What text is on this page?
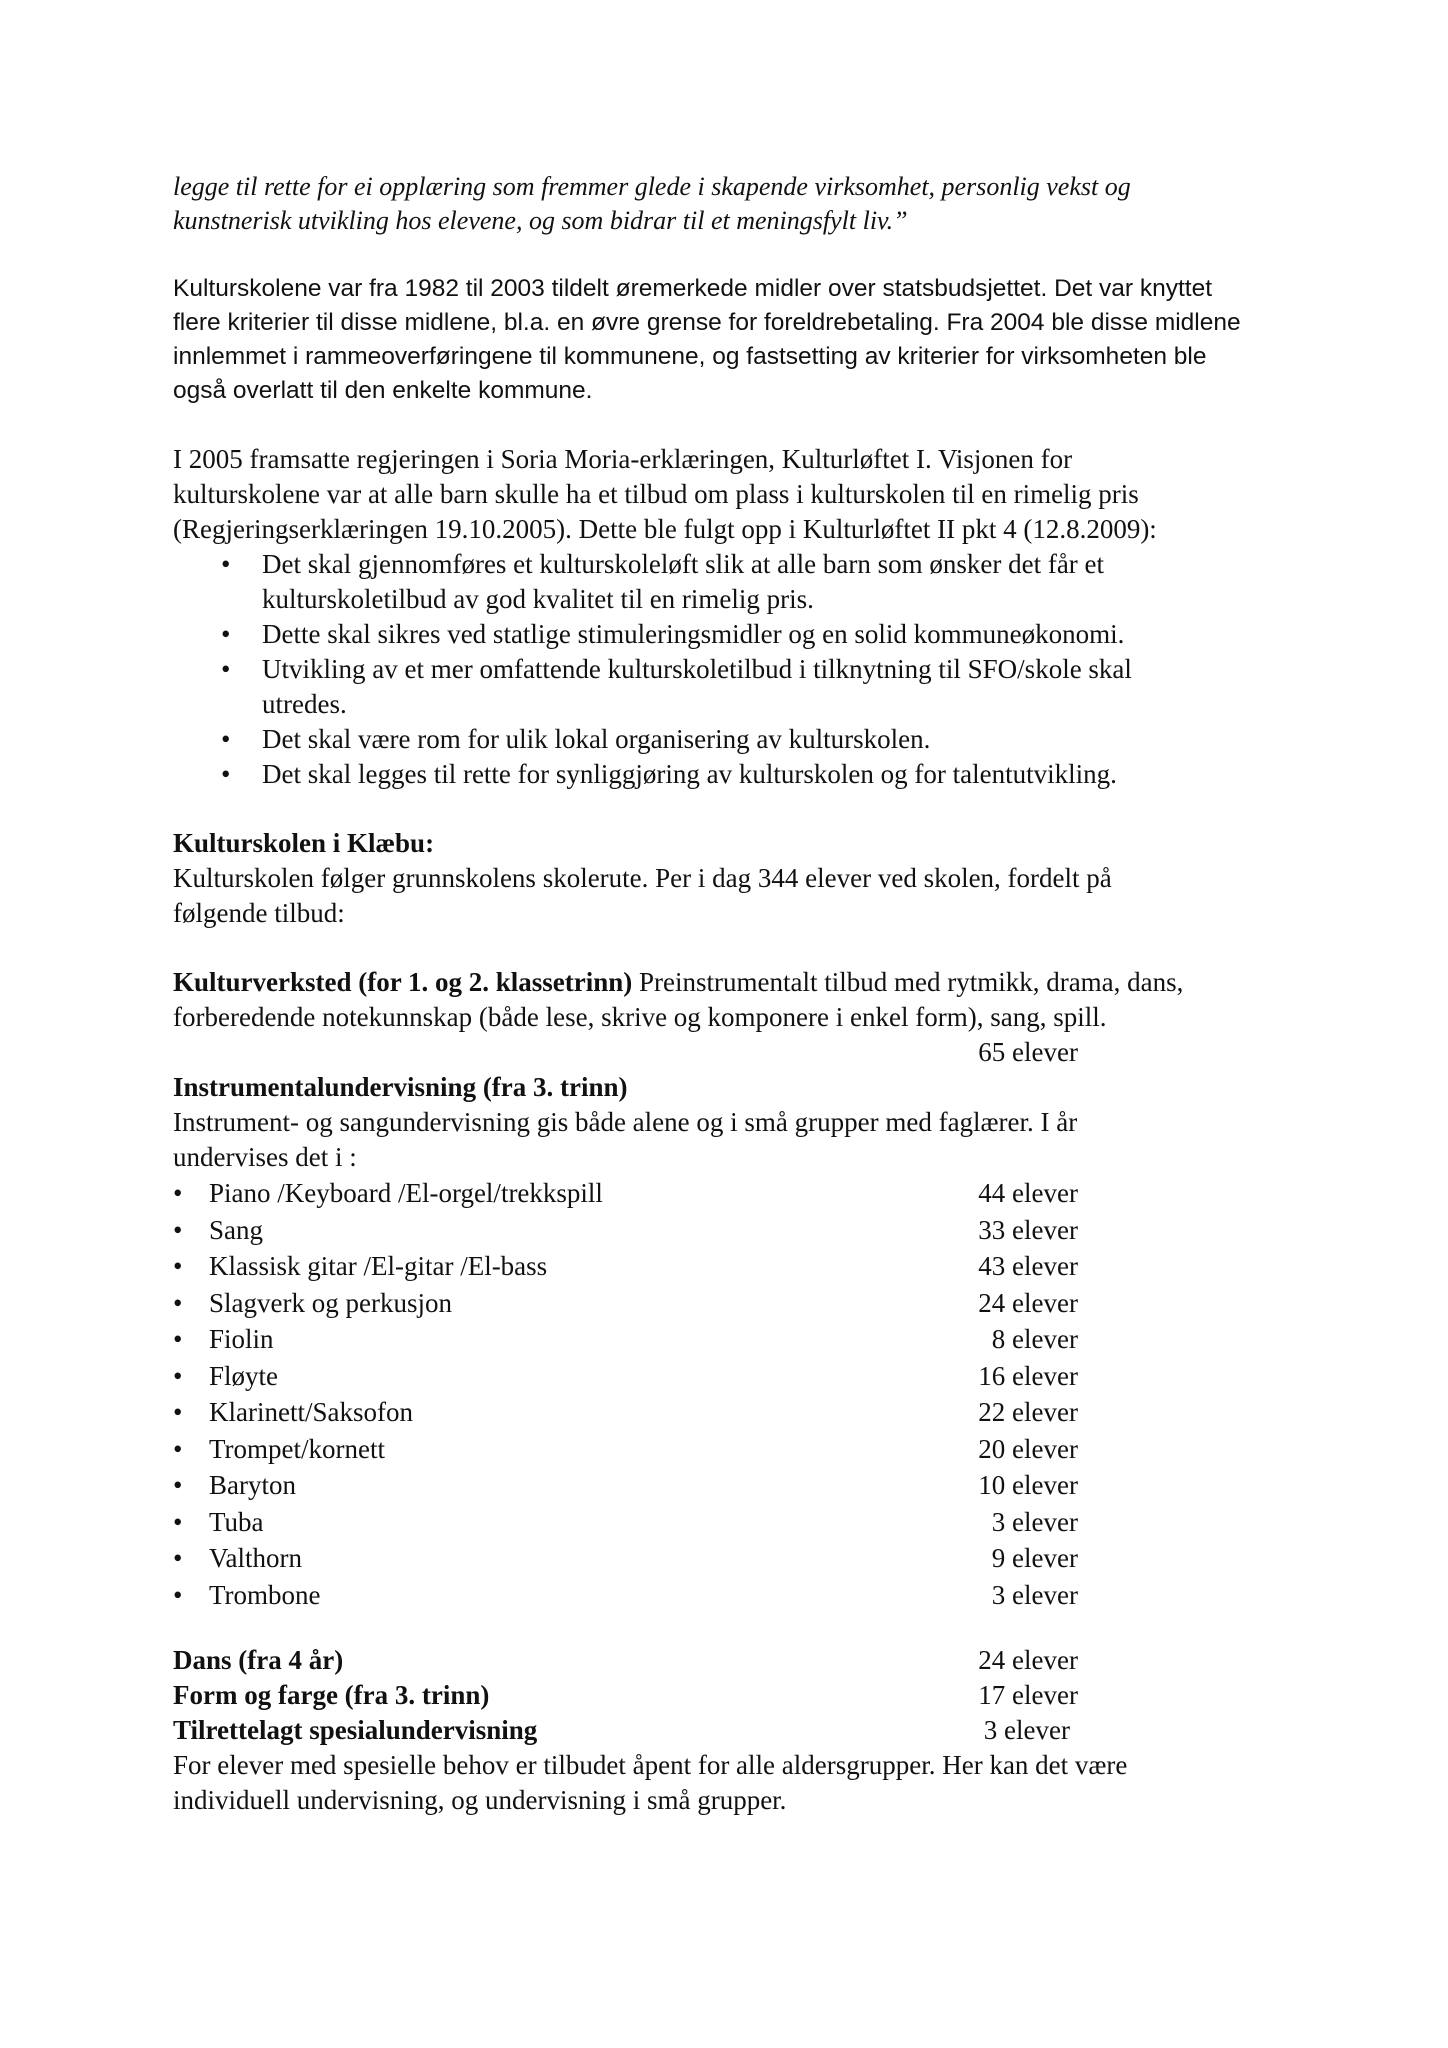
legge til rette for ei opplæring som fremmer glede i skapende virksomhet, personlig vekst og
kunstnerisk utvikling hos elevene, og som bidrar til et meningsfylt liv.”

Kulturskolene var fra 1982 til 2003 tildelt øremerkede midler over statsbudsjettet. Det var knyttet
flere kriterier til disse midlene, bl.a. en øvre grense for foreldrebetaling. Fra 2004 ble disse midlene
innlemmet i rammeoverføringene til kommunene, og fastsetting av kriterier for virksomheten ble
også overlatt til den enkelte kommune.

I 2005 framsatte regjeringen i Soria Moria-erklæringen, Kulturløftet I. Visjonen for
kulturskolene var at alle barn skulle ha et tilbud om plass i kulturskolen til en rimelig pris
(Regjeringserklæringen 19.10.2005). Dette ble fulgt opp i Kulturløftet II pkt 4 (12.8.2009):

• Det skal gjennomføres et kulturskoleløft slik at alle barn som ønsker det får et
kulturskoletilbud av god kvalitet til en rimelig pris.
• Dette skal sikres ved statlige stimuleringsmidler og en solid kommuneøkonomi.
• Utvikling av et mer omfattende kulturskoletilbud i tilknytning til SFO/skole skal
utredes.
• Det skal være rom for ulik lokal organisering av kulturskolen.
• Det skal legges til rette for synliggjøring av kulturskolen og for talentutvikling.

Kulturskolen i Klæbu:
Kulturskolen følger grunnskolens skolerute. Per i dag 344 elever ved skolen, fordelt på
følgende tilbud:

Kulturverksted (for 1. og 2. klassetrinn) Preinstrumentalt tilbud med rytmikk, drama, dans,
forberedende notekunnskap (både lese, skrive og komponere i enkel form), sang, spill.

65 elever

Instrumentalundervisning (fra 3. trinn)
Instrument- og sangundervisning gis både alene og i små grupper med faglærer. I år
undervises det i :

• Piano /Keyboard /El-orgel/trekkspill	44 elever
• Sang	33 elever
• Klassisk gitar /El-gitar /El-bass	43 elever
• Slagverk og perkusjon	24 elever
• Fiolin	8 elever
• Fløyte	16 elever
• Klarinett/Saksofon	22 elever
• Trompet/kornett	20 elever
• Baryton	10 elever
• Tuba	3 elever
• Valthorn	9 elever
• Trombone	3 elever
Dans (fra 4 år)	24 elever
Form og farge (fra 3. trinn)	17 elever
Tilrettelagt spesialundervisning	3 elever

For elever med spesielle behov er tilbudet åpent for alle aldersgrupper. Her kan det være
individuell undervisning, og undervisning i små grupper.
